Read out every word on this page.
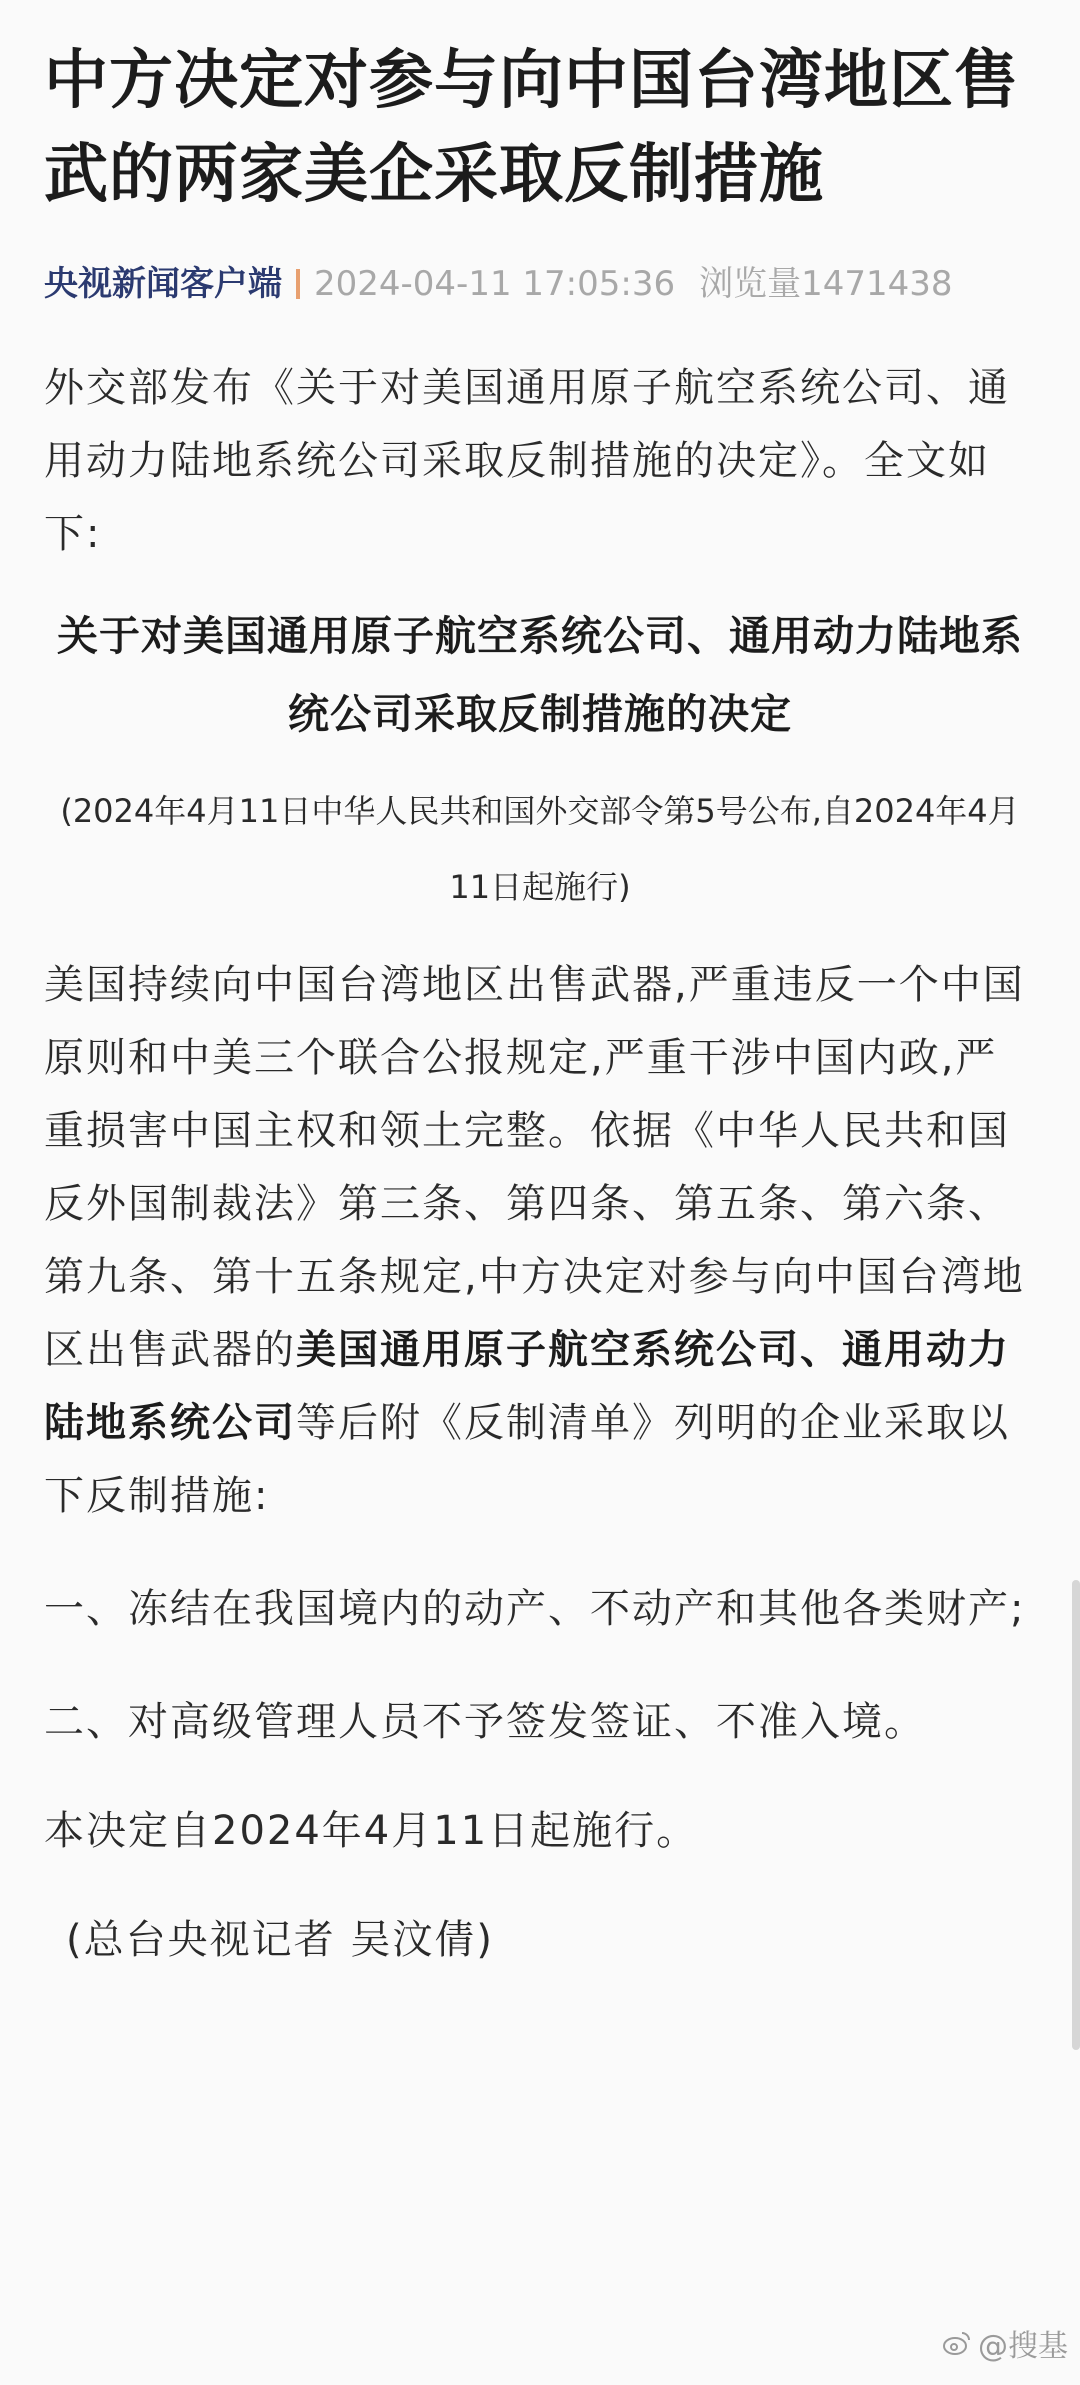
中方决定对参与向中国台湾地区售武的两家美企采取反制措施
央视新闻客户端 2024-04-11 17:05:36 浏览量1471438

外交部发布《关于对美国通用原子航空系统公司、通用动力陆地系统公司采取反制措施的决定》。全文如下:

关于对美国通用原子航空系统公司、通用动力陆地系统公司采取反制措施的决定

(2024年4月11日中华人民共和国外交部令第5号公布,自2024年4月11日起施行)

美国持续向中国台湾地区出售武器,严重违反一个中国原则和中美三个联合公报规定,严重干涉中国内政,严重损害中国主权和领土完整。依据《中华人民共和国反外国制裁法》第三条、第四条、第五条、第六条、第九条、第十五条规定,中方决定对参与向中国台湾地区出售武器的美国通用原子航空系统公司、通用动力陆地系统公司等后附《反制清单》列明的企业采取以下反制措施:

一、冻结在我国境内的动产、不动产和其他各类财产;

二、对高级管理人员不予签发签证、不准入境。

本决定自2024年4月11日起施行。

(总台央视记者 吴汶倩)

@搜基
